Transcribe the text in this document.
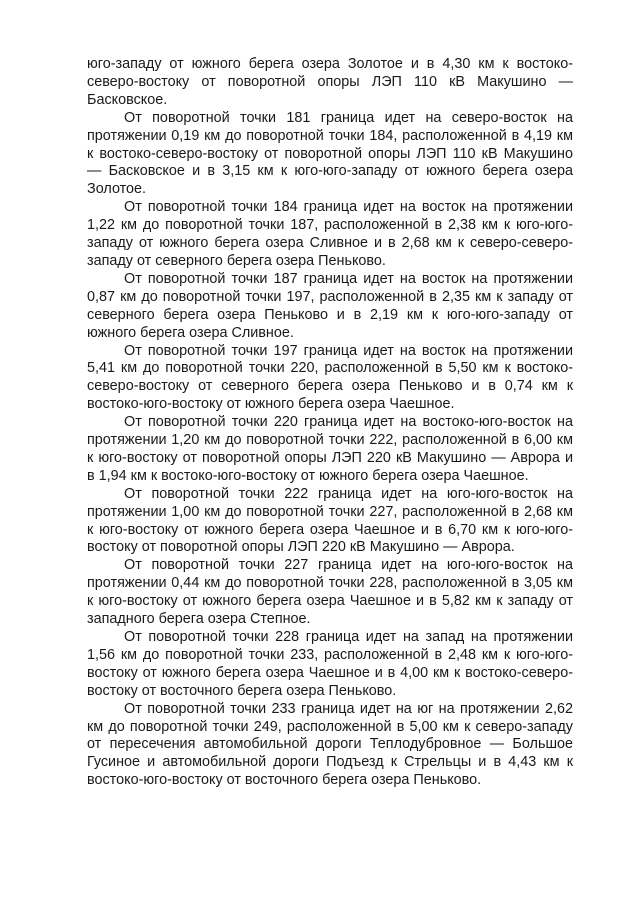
юго-западу от южного берега озера Золотое и в 4,30 км к востоко-северо-востоку от поворотной опоры ЛЭП 110 кВ Макушино — Басковское.

От поворотной точки 181 граница идет на северо-восток на протяжении 0,19 км до поворотной точки 184, расположенной в 4,19 км к востоко-северо-востоку от поворотной опоры ЛЭП 110 кВ Макушино — Басковское и в 3,15 км к юго-юго-западу от южного берега озера Золотое.

От поворотной точки 184 граница идет на восток на протяжении 1,22 км до поворотной точки 187, расположенной в 2,38 км к юго-юго-западу от южного берега озера Сливное и в 2,68 км к северо-северо-западу от северного берега озера Пеньково.

От поворотной точки 187 граница идет на восток на протяжении 0,87 км до поворотной точки 197, расположенной в 2,35 км к западу от северного берега озера Пеньково и в 2,19 км к юго-юго-западу от южного берега озера Сливное.

От поворотной точки 197 граница идет на восток на протяжении 5,41 км до поворотной точки 220, расположенной в 5,50 км к востоко-северо-востоку от северного берега озера Пеньково и в 0,74 км к востоко-юго-востоку от южного берега озера Чаешное.

От поворотной точки 220 граница идет на востоко-юго-восток на протяжении 1,20 км до поворотной точки 222, расположенной в 6,00 км к юго-востоку от поворотной опоры ЛЭП 220 кВ Макушино — Аврора и в 1,94 км к востоко-юго-востоку от южного берега озера Чаешное.

От поворотной точки 222 граница идет на юго-юго-восток на протяжении 1,00 км до поворотной точки 227, расположенной в 2,68 км к юго-востоку от южного берега озера Чаешное и в 6,70 км к юго-юго-востоку от поворотной опоры ЛЭП 220 кВ Макушино — Аврора.

От поворотной точки 227 граница идет на юго-юго-восток на протяжении 0,44 км до поворотной точки 228, расположенной в 3,05 км к юго-востоку от южного берега озера Чаешное и в 5,82 км к западу от западного берега озера Степное.

От поворотной точки 228 граница идет на запад на протяжении 1,56 км до поворотной точки 233, расположенной в 2,48 км к юго-юго-востоку от южного берега озера Чаешное и в 4,00 км к востоко-северо-востоку от восточного берега озера Пеньково.

От поворотной точки 233 граница идет на юг на протяжении 2,62 км до поворотной точки 249, расположенной в 5,00 км к северо-западу от пересечения автомобильной дороги Теплодубровное — Большое Гусиное и автомобильной дороги Подъезд к Стрельцы и в 4,43 км к востоко-юго-востоку от восточного берега озера Пеньково.
